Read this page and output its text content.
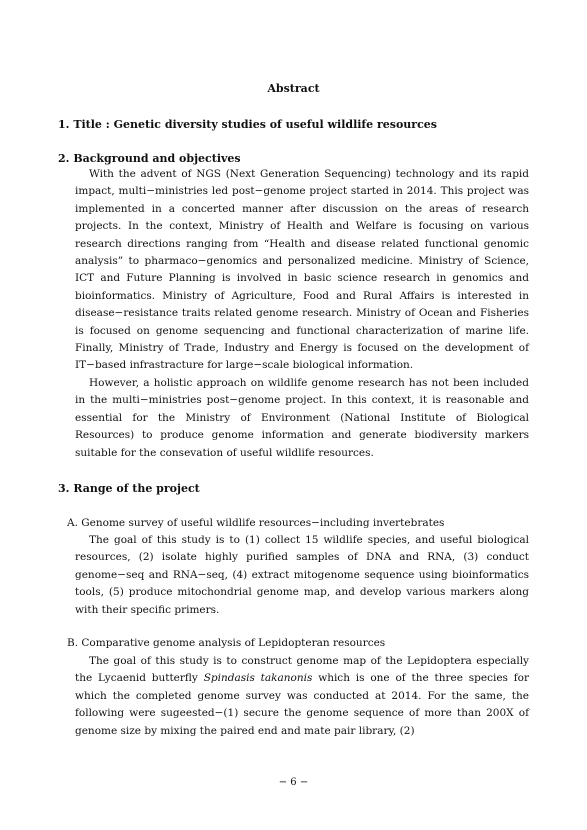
Abstract
1. Title : Genetic diversity studies of useful wildlife resources
2. Background and objectives

With the advent of NGS (Next Generation Sequencing) technology and its rapid impact, multi−ministries led post−genome project started in 2014. This project was implemented in a concerted manner after discussion on the areas of research projects. In the context, Ministry of Health and Welfare is focusing on various research directions ranging from “Health and disease related functional genomic analysis” to pharmaco−genomics and personalized medicine. Ministry of Science, ICT and Future Planning is involved in basic science research in genomics and bioinformatics. Ministry of Agriculture, Food and Rural Affairs is interested in disease−resistance traits related genome research. Ministry of Ocean and Fisheries is focused on genome sequencing and functional characterization of marine life. Finally, Ministry of Trade, Industry and Energy is focused on the development of IT−based infrastracture for large−scale biological information.

However, a holistic approach on wildlife genome research has not been included in the multi−ministries post−genome project. In this context, it is reasonable and essential for the Ministry of Environment (National Institute of Biological Resources) to produce genome information and generate biodiversity markers suitable for the consevation of useful wildlife resources.

3. Range of the project
A. Genome survey of useful wildlife resources−including invertebrates

The goal of this study is to (1) collect 15 wildlife species, and useful biological resources, (2) isolate highly purified samples of DNA and RNA, (3) conduct genome−seq and RNA−seq, (4) extract mitogenome sequence using bioinformatics tools, (5) produce mitochondrial genome map, and develop various markers along with their specific primers.

B. Comparative genome analysis of Lepidopteran resources

The goal of this study is to construct genome map of the Lepidoptera especially the Lycaenid butterfly Spindasis takanonis which is one of the three species for which the completed genome survey was conducted at 2014. For the same, the following were sugeested−(1) secure the genome sequence of more than 200X of genome size by mixing the paired end and mate pair library, (2)

− 6 −
